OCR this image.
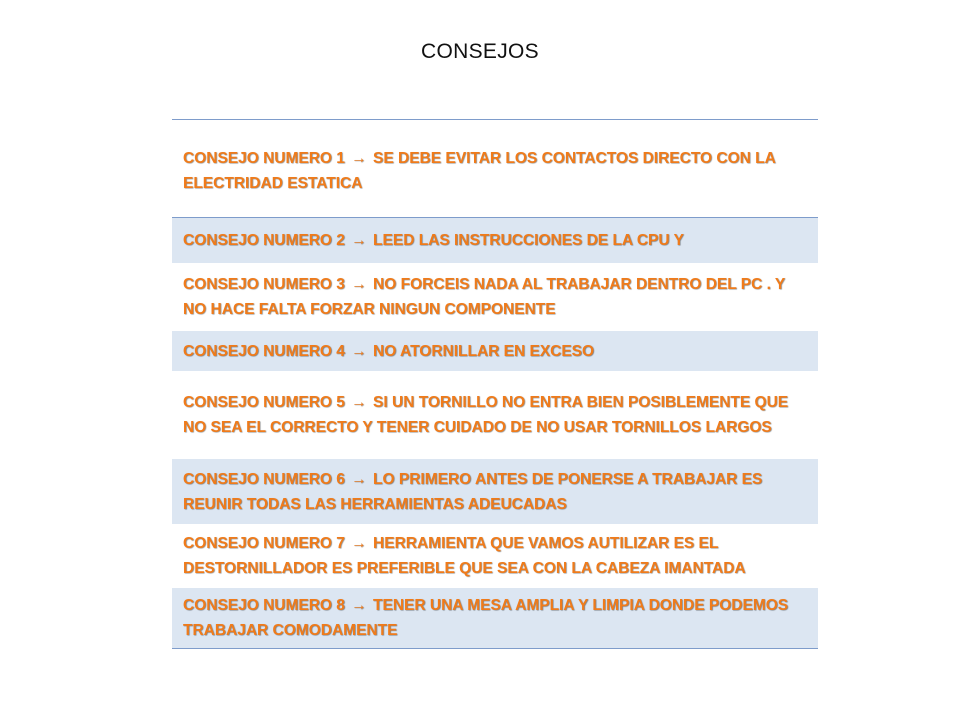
CONSEJOS
CONSEJO NUMERO 1 → SE DEBE EVITAR LOS CONTACTOS DIRECTO CON LA ELECTRIDAD ESTATICA
CONSEJO NUMERO 2 → LEED LAS INSTRUCCIONES DE LA CPU Y
CONSEJO NUMERO 3 → NO FORCEIS NADA AL TRABAJAR DENTRO DEL PC . Y NO HACE FALTA FORZAR NINGUN COMPONENTE
CONSEJO NUMERO 4 → NO ATORNILLAR EN EXCESO
CONSEJO NUMERO 5 → SI UN TORNILLO NO ENTRA BIEN POSIBLEMENTE QUE NO SEA EL CORRECTO Y TENER CUIDADO DE NO USAR TORNILLOS LARGOS
CONSEJO NUMERO 6 → LO PRIMERO ANTES DE PONERSE A TRABAJAR ES REUNIR TODAS LAS HERRAMIENTAS ADEUCADAS
CONSEJO NUMERO 7 → HERRAMIENTA QUE VAMOS AUTILIZAR ES EL DESTORNILLADOR ES PREFERIBLE QUE SEA CON LA CABEZA IMANTADA
CONSEJO NUMERO 8 → TENER UNA MESA AMPLIA Y LIMPIA DONDE PODEMOS TRABAJAR COMODAMENTE
